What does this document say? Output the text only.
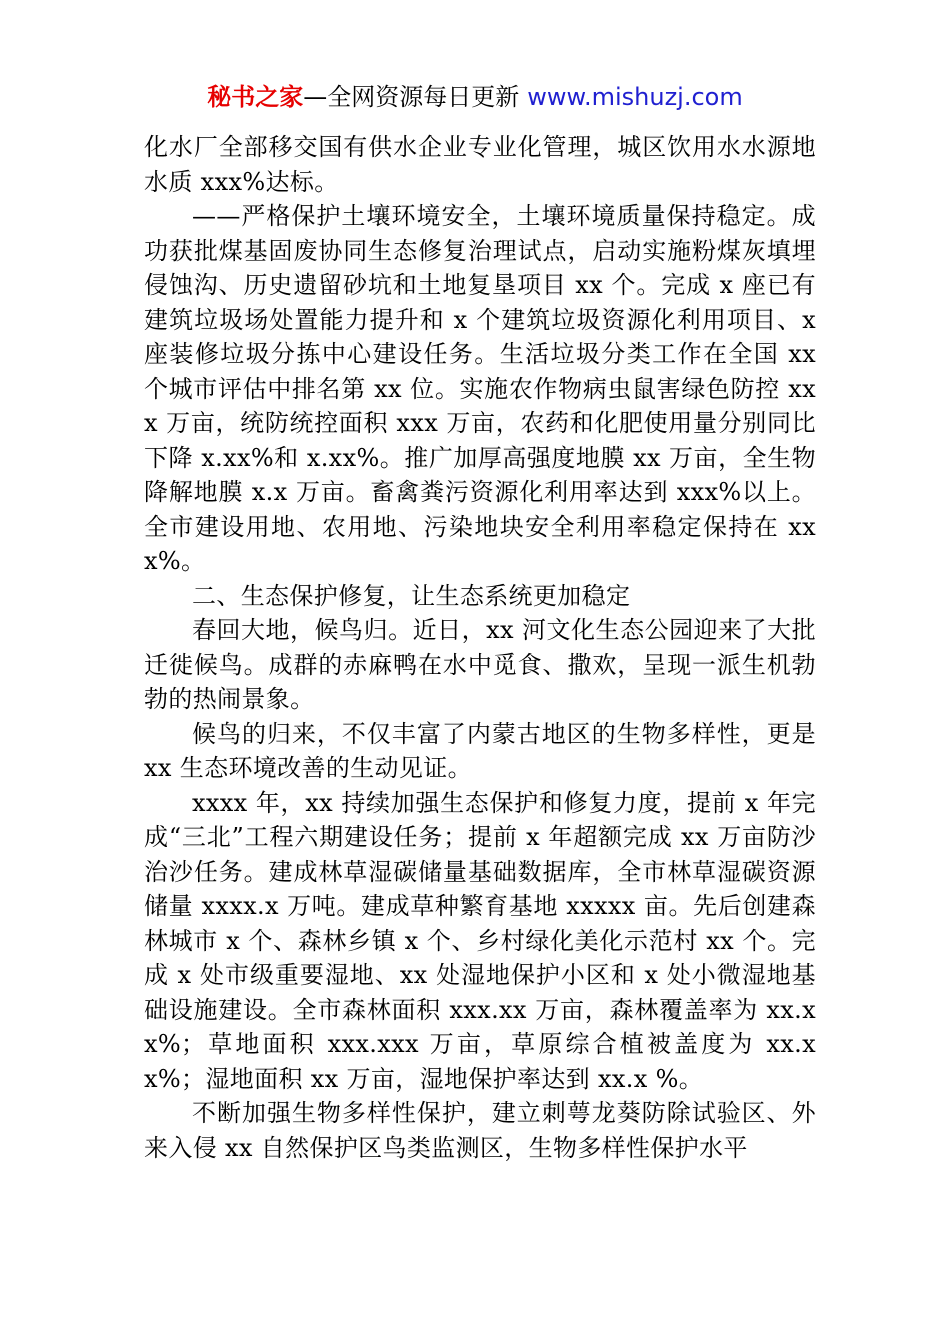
秘书之家—全网资源每日更新 www.mishuzj.com

化水厂全部移交国有供水企业专业化管理，城区饮用水水源地水质 xxx%达标。

——严格保护土壤环境安全，土壤环境质量保持稳定。成功获批煤基固废协同生态修复治理试点，启动实施粉煤灰填埋侵蚀沟、历史遗留砂坑和土地复垦项目 xx 个。完成 x 座已有建筑垃圾场处置能力提升和 x 个建筑垃圾资源化利用项目、x 座装修垃圾分拣中心建设任务。生活垃圾分类工作在全国 xx 个城市评估中排名第 xx 位。实施农作物病虫鼠害绿色防控 xxx 万亩，统防统控面积 xxx 万亩，农药和化肥使用量分别同比下降 x.xx%和 x.xx%。推广加厚高强度地膜 xx 万亩，全生物降解地膜 x.x 万亩。畜禽粪污资源化利用率达到 xxx%以上。全市建设用地、农用地、污染地块安全利用率稳定保持在 xxx%。

二、生态保护修复，让生态系统更加稳定

春回大地，候鸟归。近日，xx 河文化生态公园迎来了大批迁徙候鸟。成群的赤麻鸭在水中觅食、撒欢，呈现一派生机勃勃的热闹景象。

候鸟的归来，不仅丰富了内蒙古地区的生物多样性，更是 xx 生态环境改善的生动见证。

xxxx 年，xx 持续加强生态保护和修复力度，提前 x 年完成“三北”工程六期建设任务；提前 x 年超额完成 xx 万亩防沙治沙任务。建成林草湿碳储量基础数据库，全市林草湿碳资源储量 xxxx.x 万吨。建成草种繁育基地 xxxxx 亩。先后创建森林城市 x 个、森林乡镇 x 个、乡村绿化美化示范村 xx 个。完成 x 处市级重要湿地、xx 处湿地保护小区和 x 处小微湿地基础设施建设。全市森林面积 xxx.xx 万亩，森林覆盖率为 xx.xx%；草地面积 xxx.xxx 万亩，草原综合植被盖度为 xx.xx%；湿地面积 xx 万亩，湿地保护率达到 xx.x %。

不断加强生物多样性保护，建立刺萼龙葵防除试验区、外来入侵 xx 自然保护区鸟类监测区，生物多样性保护水平
